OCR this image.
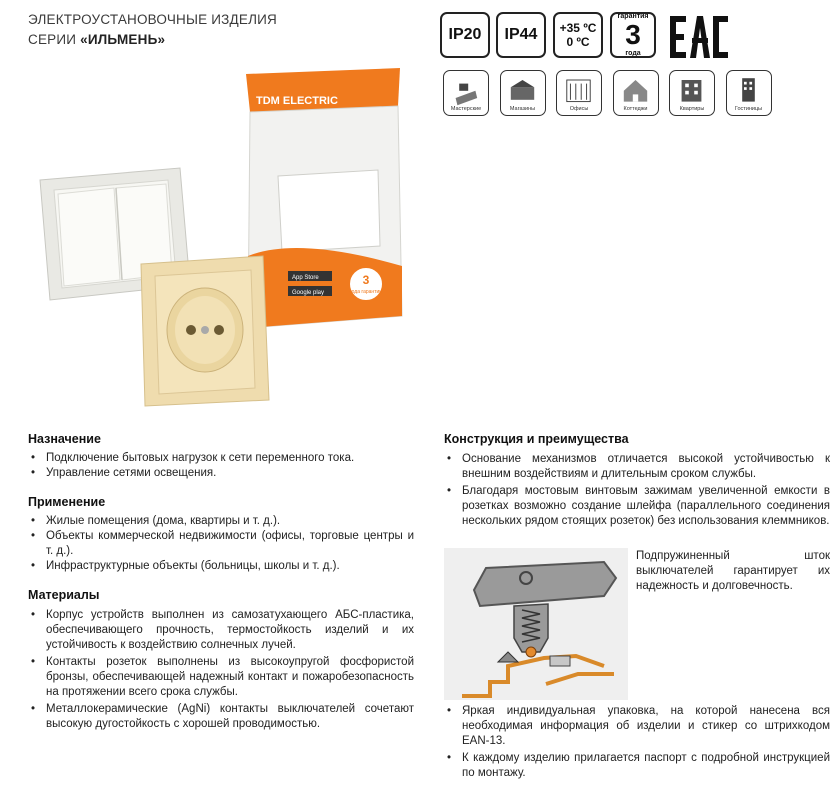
ЭЛЕКТРОУСТАНОВОЧНЫЕ ИЗДЕЛИЯ
СЕРИИ «ИЛЬМЕНЬ»	IP20 IP44 +35 ºC
0 ºC
гарантия
3
года
Мастерские	Магазины	Офисы	Коттеджи	Квартиры	Гостиницы
TDM ELECTRIC
3
года гарантии
App Store
Google play
Назначение
• Подключение бытовых нагрузок к сети переменного тока.
• Управление сетями освещения.
Применение
• Жилые помещения (дома, квартиры и т. д.).
• Объекты коммерческой недвижимости (офисы, торговые центры и т. д.).
• Инфраструктурные объекты (больницы, школы и т. д.).
Материалы
• Корпус устройств выполнен из самозатухающего АБС-пластика, обеспечивающего прочность, термостойкость изделий и их устойчивость к воздействию солнечных лучей.
• Контакты розеток выполнены из высокоупругой фосфористой бронзы, обеспечивающей надежный контакт и пожаробезопасность на протяжении всего срока службы.
• Металлокерамические (AgNi) контакты выключателей сочетают высокую дугостойкость с хорошей проводимостью.
Конструкция и преимущества
• Основание механизмов отличается высокой устойчивостью к внешним воздействиям и длительным сроком службы.
• Благодаря мостовым винтовым зажимам увеличенной емкости в розетках возможно создание шлейфа (параллельного соединения нескольких рядом стоящих розеток) без использования клеммников.
Подпружиненный шток выключателей гарантирует их надежность и долговечность.
• Яркая индивидуальная упаковка, на которой нанесена вся необходимая информация об изделии и стикер со штрихкодом EAN-13.
• К каждому изделию прилагается паспорт с подробной инструкцией по монтажу.
